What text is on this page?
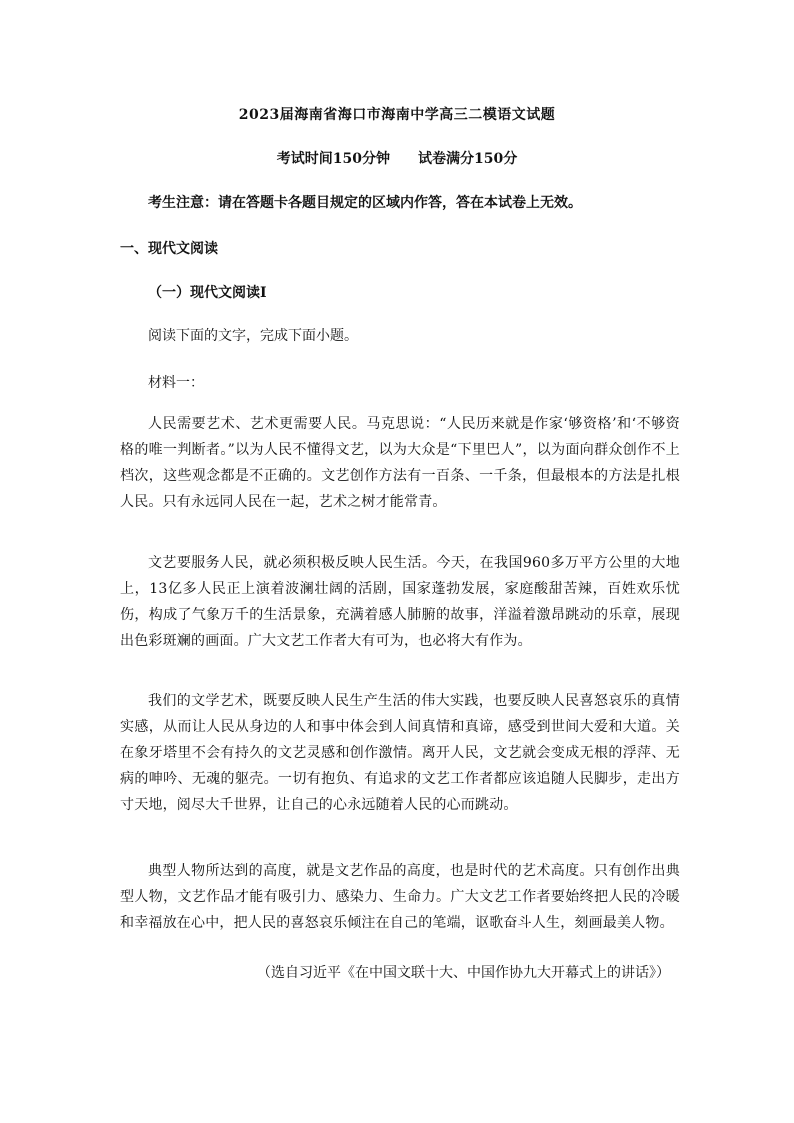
2023届海南省海口市海南中学高三二模语文试题
考试时间150分钟 试卷满分150分
考生注意：请在答题卡各题目规定的区域内作答，答在本试卷上无效。
一、现代文阅读
（一）现代文阅读Ⅰ
阅读下面的文字，完成下面小题。
材料一：
人民需要艺术、艺术更需要人民。马克思说：“人民历来就是作家‘够资格’和‘不够资格的唯一判断者。”以为人民不懂得文艺，以为大众是“下里巴人”，以为面向群众创作不上档次，这些观念都是不正确的。文艺创作方法有一百条、一千条，但最根本的方法是扎根人民。只有永远同人民在一起，艺术之树才能常青。
文艺要服务人民，就必须积极反映人民生活。今天，在我国960多万平方公里的大地上，13亿多人民正上演着波澜壮阔的活剧，国家蓬勃发展，家庭酸甜苦辣，百姓欢乐忧伤，构成了气象万千的生活景象，充满着感人肺腑的故事，洋溢着激昂跳动的乐章，展现出色彩斑斓的画面。广大文艺工作者大有可为，也必将大有作为。
我们的文学艺术，既要反映人民生产生活的伟大实践，也要反映人民喜怒哀乐的真情实感，从而让人民从身边的人和事中体会到人间真情和真谛，感受到世间大爱和大道。关在象牙塔里不会有持久的文艺灵感和创作激情。离开人民，文艺就会变成无根的浮萍、无病的呻吟、无魂的躯壳。一切有抱负、有追求的文艺工作者都应该追随人民脚步，走出方寸天地，阅尽大千世界，让自己的心永远随着人民的心而跳动。
典型人物所达到的高度，就是文艺作品的高度，也是时代的艺术高度。只有创作出典型人物，文艺作品才能有吸引力、感染力、生命力。广大文艺工作者要始终把人民的冷暖和幸福放在心中，把人民的喜怒哀乐倾注在自己的笔端，讴歌奋斗人生，刻画最美人物。
（选自习近平《在中国文联十大、中国作协九大开幕式上的讲话》）
